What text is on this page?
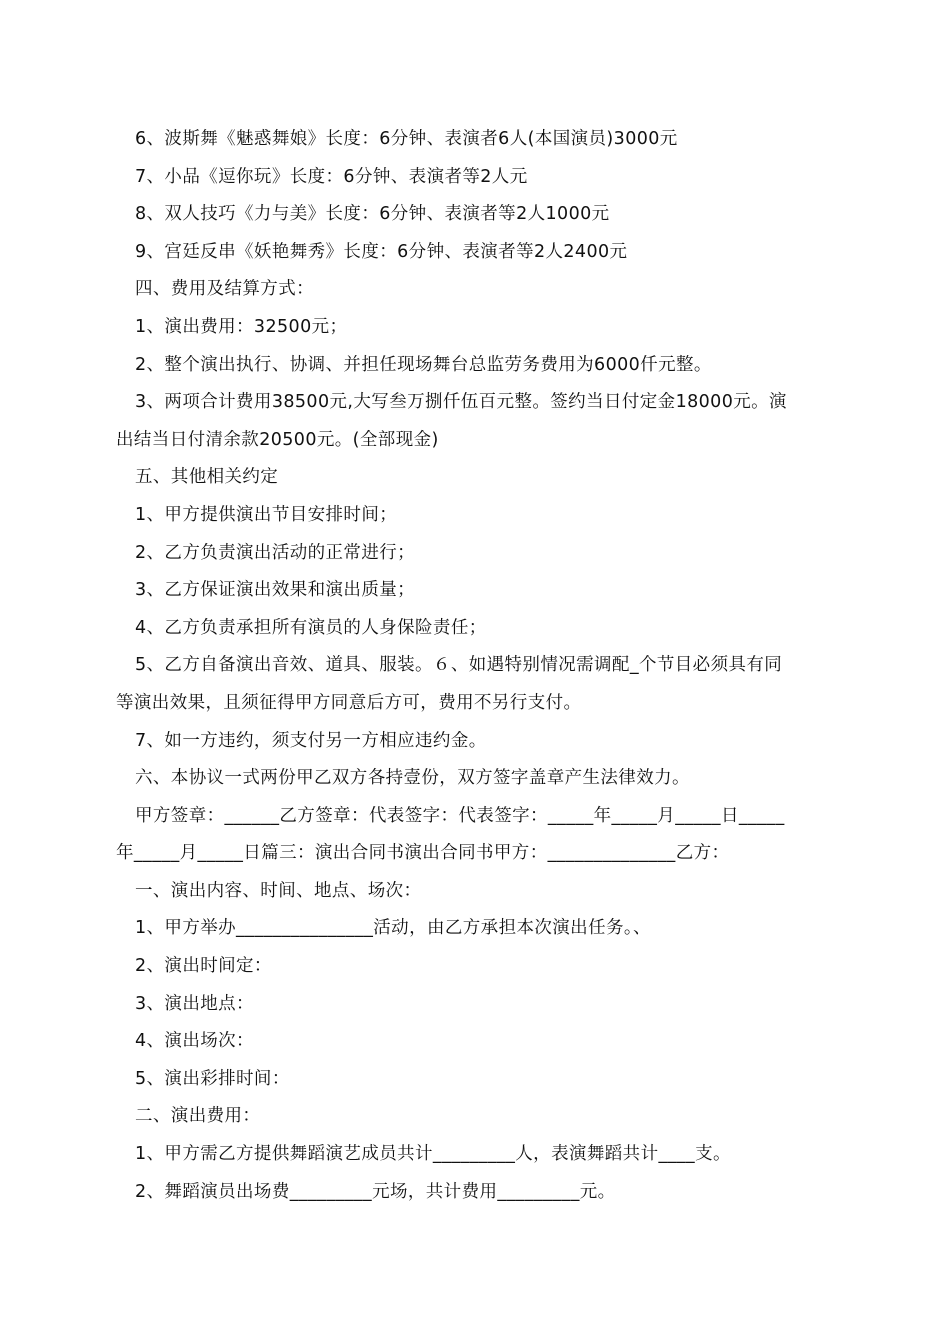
6、波斯舞《魅惑舞娘》长度：6分钟、表演者6人(本国演员)3000元
7、小品《逗你玩》长度：6分钟、表演者等2人元
8、双人技巧《力与美》长度：6分钟、表演者等2人1000元
9、宫廷反串《妖艳舞秀》长度：6分钟、表演者等2人2400元
四、费用及结算方式：
1、演出费用：32500元；
2、整个演出执行、协调、并担任现场舞台总监劳务费用为6000仟元整。
3、两项合计费用38500元,大写叁万捌仟伍百元整。签约当日付定金18000元。演
出结当日付清余款20500元。(全部现金)
五、其他相关约定
1、甲方提供演出节目安排时间；
2、乙方负责演出活动的正常进行；
3、乙方保证演出效果和演出质量；
4、乙方负责承担所有演员的人身保险责任；
5、乙方自备演出音效、道具、服装。６、如遇特别情况需调配_个节目必须具有同
等演出效果，且须征得甲方同意后方可，费用不另行支付。
7、如一方违约，须支付另一方相应违约金。
六、本协议一式两份甲乙双方各持壹份，双方签字盖章产生法律效力。
甲方签章：______乙方签章：代表签字：代表签字：_____年_____月_____日_____
年_____月_____日篇三：演出合同书演出合同书甲方：______________乙方：
一、演出内容、时间、地点、场次：
1、甲方举办_______________活动，由乙方承担本次演出任务。、
2、演出时间定：
3、演出地点：
4、演出场次：
5、演出彩排时间：
二、演出费用：
1、甲方需乙方提供舞蹈演艺成员共计_________人，表演舞蹈共计____支。
2、舞蹈演员出场费_________元场，共计费用_________元。
